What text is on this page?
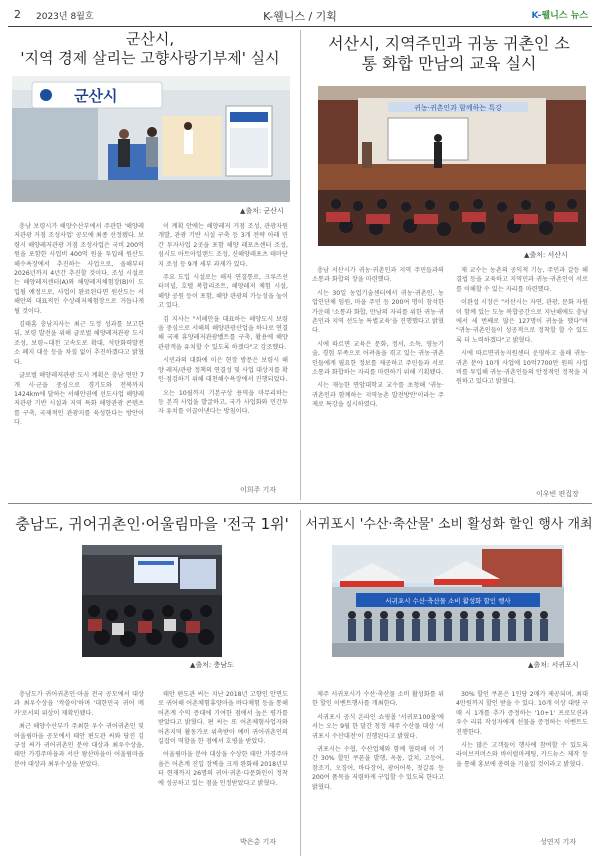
2 2023년 8월호	K-웰니스 / 기획	K-웰니스 뉴스
군산시,
'지역 경제 살리는 고향사랑기부제' 실시
군산시
▲출처: 군산시

충남 보령시가 해양수산부에서 주관한 '해양레저관광 거점 조성사업' 공모에 최종 선정됐다. 보령시 해양레저관광 거점 조성사업은 국비 200억 원을 포함한 사업비 400억 원을 투입해 원산도해수욕장에서 추진하는 사업으로, 올해부터 2026년까지 4년간 추진할 것이다. 조성 시설로는 해양레저센터(A)와 해양레저체험장(B)이 도입될 예정으로, 사업이 완료된다면 원산도는 서해안의 대표적인 수상레저체험장으로 거듭나게 될 것이다.

김태흠 충남지사는 최근 도정 성과를 보고한 뒤, 보령 발전을 위해 글로벌 해양레저관광 도시 조성, 보령~대천 고속도로 확대, 석탄화력발전소 폐지 대응 등을 차질 없이 추진하겠다고 밝혔다.

글로벌 해양레저관광 도시 계획은 충남 연안 7개 시·군을 중심으로 경기도와 전북까지 1424km에 달하는 서해안권에 선도사업 해양레저관광 기반 시설과 지역 특화 해양관광 콘텐츠를 구축, 국제적인 관광지를 육성한다는 방안이다.

이 계획 안에는 해양레저 거점 조성, 관광자원 개발, 관광 기반 시설 구축 등 3개 전략 아래 민간 투자사업 2곳을 포함 해양 레포츠센터 조성, 섬시도 아트아일랜드 조성, 신해양레포츠 테마단지 조성 등 9개 세부 과제가 있다.

주요 도입 시설로는 해저 연결통로, 크루즈선 터미널, 호텔 복합리조트, 해양레저 체험 시설, 해양 공원 등이 포함, 해양 관광의 가능성을 높이고 있다.

김 지사는 "서해안을 대표하는 해양도시 보령을 중심으로 서해의 해양관광산업을 하나로 연결해 국제 휴양레저관광벨트를 구축, 활용에 해양 관광객을 유치할 수 있도록 하겠다"고 강조했다.

시민과의 대화에 이은 현장 방문은 보령시 해양 레저/관광 정책의 연결성 및 사업 대상지를 확인·점검하기 위해 대천해수욕장에서 진행되었다.

오는 10월까지 기본구상 용역을 마무리하는 등 본격 사업을 발굴하고, 국가 사업화와 민간투자 유치를 이끌어낸다는 방침이다.

이희주 기자
서산시, 지역주민과 귀농 귀촌인 소
통 화합 만남의 교육 실시
귀농·귀촌인과 함께하는 특강
▲출처: 서산시

충남 서산시가 귀농·귀촌인과 지역 주민들과의 소통과 화합의 장을 마련했다.

시는 30일 농업기술센터에서 귀농·귀촌인, 농업인단체 임원, 마을 주민 등 200여 명이 참석한 가운데 '소통과 화합, 만남의 자리를 위한 귀농·귀촌인과 지역 선도농 특별교육'을 진행했다고 밝혔다.

시에 따르면 교육은 문화, 정서, 소득, 영농기술, 경험 부족으로 어려움을 겪고 있는 귀농·귀촌인들에게 필요한 정보를 제공하고 주민들과 서로 소통과 화합하는 자리를 마련하기 위해 기획됐다.

시는 재능한 연암대학교 교수를 초청해 '귀농·귀촌인과 함께하는 지역농촌 발전방안'이라는 주제로 특강을 실시하였다.

재 교수는 농촌의 공익적 기능, 주민과 갈등 해결법 등을 교육하고 지역민과 귀농·귀촌인이 서로를 이해할 수 있는 자리를 마련했다.

이완섭 시장은 "서산시는 자연, 관광, 문화 자원이 함께 있는 도농 복합공간으로 지난해에도 충남에서 세 번째로 많은 127명이 귀농을 했다"며 "귀농·귀촌인들이 성공적으로 정착할 할 수 있도록 더 노력하겠다"고 밝혔다.

시에 따르면귀농지원센터 운영하고 올해 귀농·귀촌 분야 10개 사업에 10억7700만 원의 사업비를 투입해 귀농·귀촌인들의 안정적인 정착을 지원하고 있다고 밝혔다.

이우빈 편집장
충남도, 귀어귀촌인·어울림마을 '전국 1위'
▲출처: 충남도

충남도가 귀어귀촌인·마을 전국 공모에서 대상과 최우수상을 '싹쓸이'하며 '대한민국 귀어 메카'로서의 위상이 재확인됐다.

최근 해양수산부가 주최한 우수 귀어귀촌인 및 어울림마을 공모에서 태안 편도관 씨와 당진 김규성 씨가 귀어귀촌인 분야 대상과 최우수상을, 태안 가경주마을과 서산 왕산마을이 어울림마을 분야 대상과 최우수상을 받았다.

태안 편도관 씨는 지난 2018년 고향인 안면도로 귀어해 어촌체험휴양마을 바다체험 등을 통해 어촌계 수익 증대에 기여한 점에서 높은 평가를 받았다고 밝혔다. 편 씨는 또 어촌체험사업자와 어촌지역 활동가로 위촉받아 예비 귀어귀촌인의 길잡이 역할을 한 점에서 호평을 받았다.

어울림마을 분야 대상을 수상한 태안 가경주마을은 어촌계 진입 장벽을 크게 완화해 2018년부터 현재까지 26명의 귀어·귀촌·다문화인이 정착에 성공하고 있는 점을 인정받았다고 밝혔다.

박은총 기자
서귀포시 '수산·축산물' 소비 활성화 할인 행사 개최
서귀포시 수산·축산물 소비 활성화 할인 행사
▲출처: 서귀포시

제주 서귀포시가 수산·축산물 소비 활성화를 위한 할인 이벤트행사를 개최한다.

서귀포시 공식 온라인 쇼핑몰 '서귀포100몰'에서는 오는 9월 한 달간 청정 제주 수산물 대상 '서귀포시 수산대전'이 진행된다고 밝혔다.

귀포시는 수협, 수산업체와 함께 협력해 이 기간 30% 할인 쿠폰을 발행, 옥돔, 갈치, 고등어, 참조기, 오징어, 바다장어, 광어어묵, 젓갈류 등 200여 품목을 저렴하게 구입할 수 있도록 한다고 밝혔다.

30% 할인 쿠폰은 1인당 2매가 제공되며, 최대 4만원까지 할인 받을 수 있다. 10개 이상 대량 구매 시 1개를 추가 증정하는 '10+1' 프로모션과 우수 리뷰 작성자에게 선물을 증정하는 이벤트도 진행한다.

시는 많은 고객들이 행사에 참여할 수 있도록 라이브커머스와 바이럴마케팅, 카드뉴스 제작 등을 통해 홍보에 총력을 기울일 것이라고 밝혔다.

성연지 기자
